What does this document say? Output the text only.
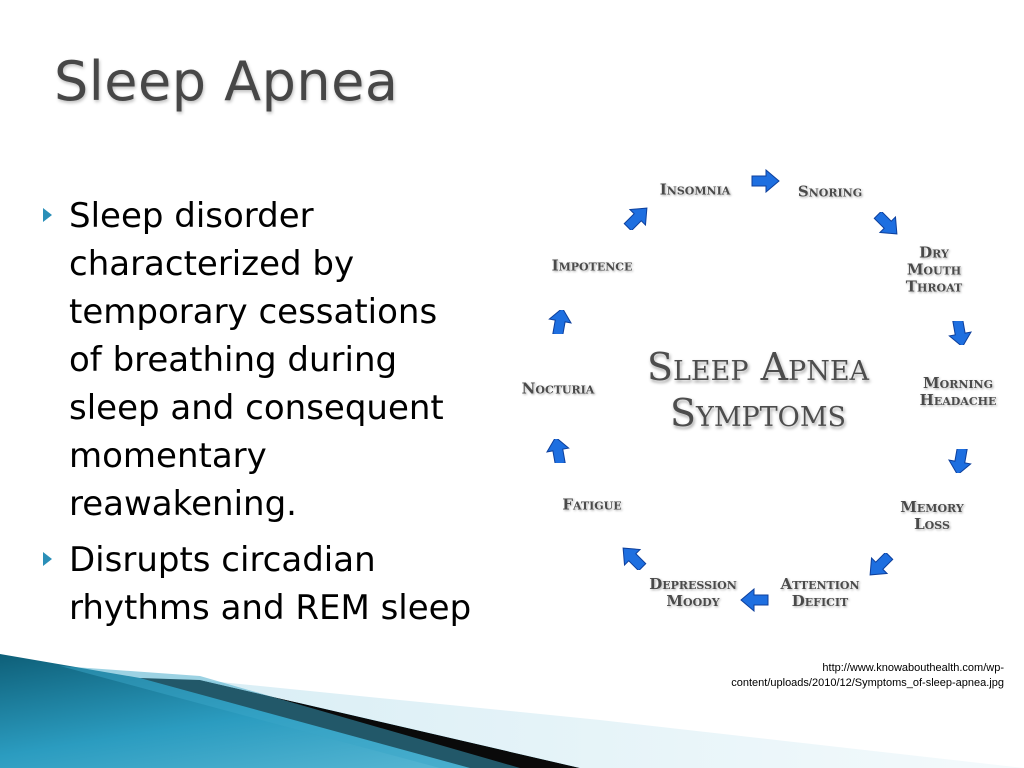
Sleep Apnea
Sleep disorder
characterized by
temporary cessations
of breathing during
sleep and consequent
momentary
reawakening.
Disrupts circadian
rhythms and REM sleep
Insomnia	Snoring
Dry
Mouth
Throat
Morning
Headache
Memory
Loss
Attention
Deficit
Depression
Moody
Fatigue
Nocturia
Impotence
Sleep Apnea
Symptoms
http://www.knowabouthealth.com/wp-
content/uploads/2010/12/Symptoms_of-sleep-apnea.jpg
